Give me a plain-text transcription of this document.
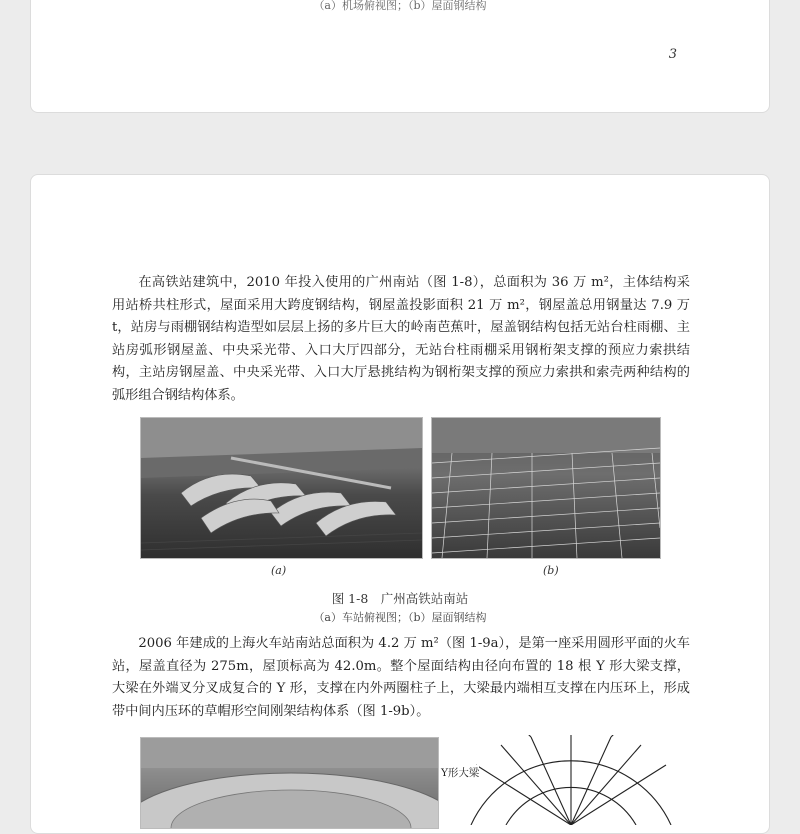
（a）机场俯视图；（b）屋面钢结构
3

在高铁站建筑中，2010 年投入使用的广州南站（图 1-8），总面积为 36 万 m²，主体结构采用站桥共柱形式，屋面采用大跨度钢结构，钢屋盖投影面积 21 万 m²，钢屋盖总用钢量达 7.9 万 t，站房与雨棚钢结构造型如层层上扬的多片巨大的岭南芭蕉叶，屋盖钢结构包括无站台柱雨棚、主站房弧形钢屋盖、中央采光带、入口大厅四部分，无站台柱雨棚采用钢桁架支撑的预应力索拱结构，主站房钢屋盖、中央采光带、入口大厅悬挑结构为钢桁架支撑的预应力索拱和索壳两种结构的弧形组合钢结构体系。

(a)	(b)
图 1-8　广州高铁站南站
（a）车站俯视图；（b）屋面钢结构

2006 年建成的上海火车站南站总面积为 4.2 万 m²（图 1-9a），是第一座采用圆形平面的火车站，屋盖直径为 275m，屋顶标高为 42.0m。整个屋面结构由径向布置的 18 根 Y 形大梁支撑，大梁在外端叉分叉成复合的 Y 形，支撑在内外两圈柱子上，大梁最内端相互支撑在内压环上，形成带中间内压环的草帽形空间刚架结构体系（图 1-9b）。

Y形大梁
